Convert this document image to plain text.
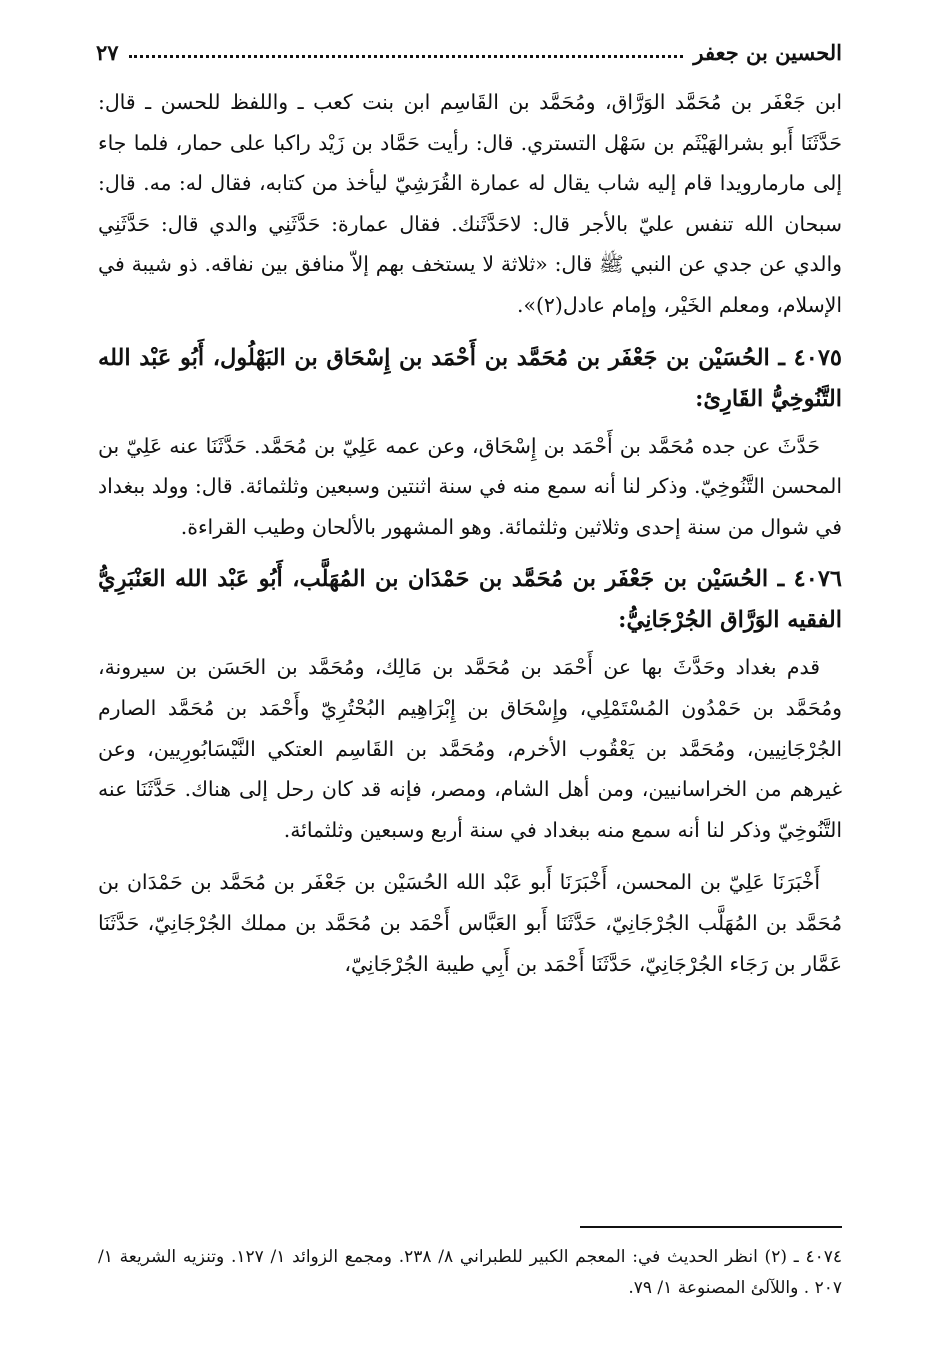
الحسين بن جعفر
٢٧

ابن جَعْفَر بن مُحَمَّد الوَرَّاق، ومُحَمَّد بن القَاسِم ابن بنت كعب ـ واللفظ للحسن ـ قال: حَدَّثَنَا أَبو بشرالهَيْثَم بن سَهْل التستري. قال: رأيت حَمَّاد بن زَيْد راكبا على حمار، فلما جاء إلى مارمارويدا قام إليه شاب يقال له عمارة القُرَشِيّ ليأخذ من كتابه، فقال له: مه. قال: سبحان الله تنفس عليّ بالأجر قال: لاحَدَّثَنك. فقال عمارة: حَدَّثَنِي والدي قال: حَدَّثَنِي والدي عن جدي عن النبي ﷺ قال: «ثلاثة لا يستخف بهم إلاّ منافق بين نفاقه. ذو شيبة في الإسلام، ومعلم الخَيْر، وإمام عادل(٢)».

٤٠٧٥ ـ الحُسَيْن بن جَعْفَر بن مُحَمَّد بن أَحْمَد بن إِسْحَاق بن البَهْلُول، أَبُو عَبْد الله التَّنُوخِيُّ القَارِئ:

حَدَّثَ عن جده مُحَمَّد بن أَحْمَد بن إِسْحَاق، وعن عمه عَلِيّ بن مُحَمَّد. حَدَّثَنَا عنه عَلِيّ بن المحسن التَّنُوخِيّ. وذكر لنا أنه سمع منه في سنة اثنتين وسبعين وثلثمائة. قال: وولد ببغداد في شوال من سنة إحدى وثلاثين وثلثمائة. وهو المشهور بالألحان وطيب القراءة.

٤٠٧٦ ـ الحُسَيْن بن جَعْفَر بن مُحَمَّد بن حَمْدَان بن المُهَلَّب، أَبُو عَبْد الله العَنْبَرِيُّ الفقيه الوَرَّاق الجُرْجَانِيُّ:

قدم بغداد وحَدَّثَ بها عن أَحْمَد بن مُحَمَّد بن مَالِك، ومُحَمَّد بن الحَسَن بن سيرونة، ومُحَمَّد بن حَمْدُون المُسْتَمْلِي، وإِسْحَاق بن إِبْرَاهِيم البُحْتُرِيّ وأَحْمَد بن مُحَمَّد الصارم الجُرْجَانِيين، ومُحَمَّد بن يَعْقُوب الأخرم، ومُحَمَّد بن القَاسِم العتكي النَّيْسَابُورِيين، وعن غيرهم من الخراسانيين، ومن أهل الشام، ومصر، فإنه قد كان رحل إلى هناك. حَدَّثَنَا عنه التَّنُوخِيّ وذكر لنا أنه سمع منه ببغداد في سنة أربع وسبعين وثلثمائة.

أَخْبَرَنَا عَلِيّ بن المحسن، أَخْبَرَنَا أَبو عَبْد الله الحُسَيْن بن جَعْفَر بن مُحَمَّد بن حَمْدَان بن مُحَمَّد بن المُهَلَّب الجُرْجَانِيّ، حَدَّثَنَا أَبو العَبَّاس أَحْمَد بن مُحَمَّد بن مملك الجُرْجَانِيّ، حَدَّثَنَا عَمَّار بن رَجَاء الجُرْجَانِيّ، حَدَّثَنَا أَحْمَد بن أَبِي طيبة الجُرْجَانِيّ،

٤٠٧٤ ـ (٢) انظر الحديث في: المعجم الكبير للطبراني ٨/ ٢٣٨. ومجمع الزوائد ١/ ١٢٧. وتنزيه الشريعة ١/ ٢٠٧ . واللآلئ المصنوعة ١/ ٧٩.
